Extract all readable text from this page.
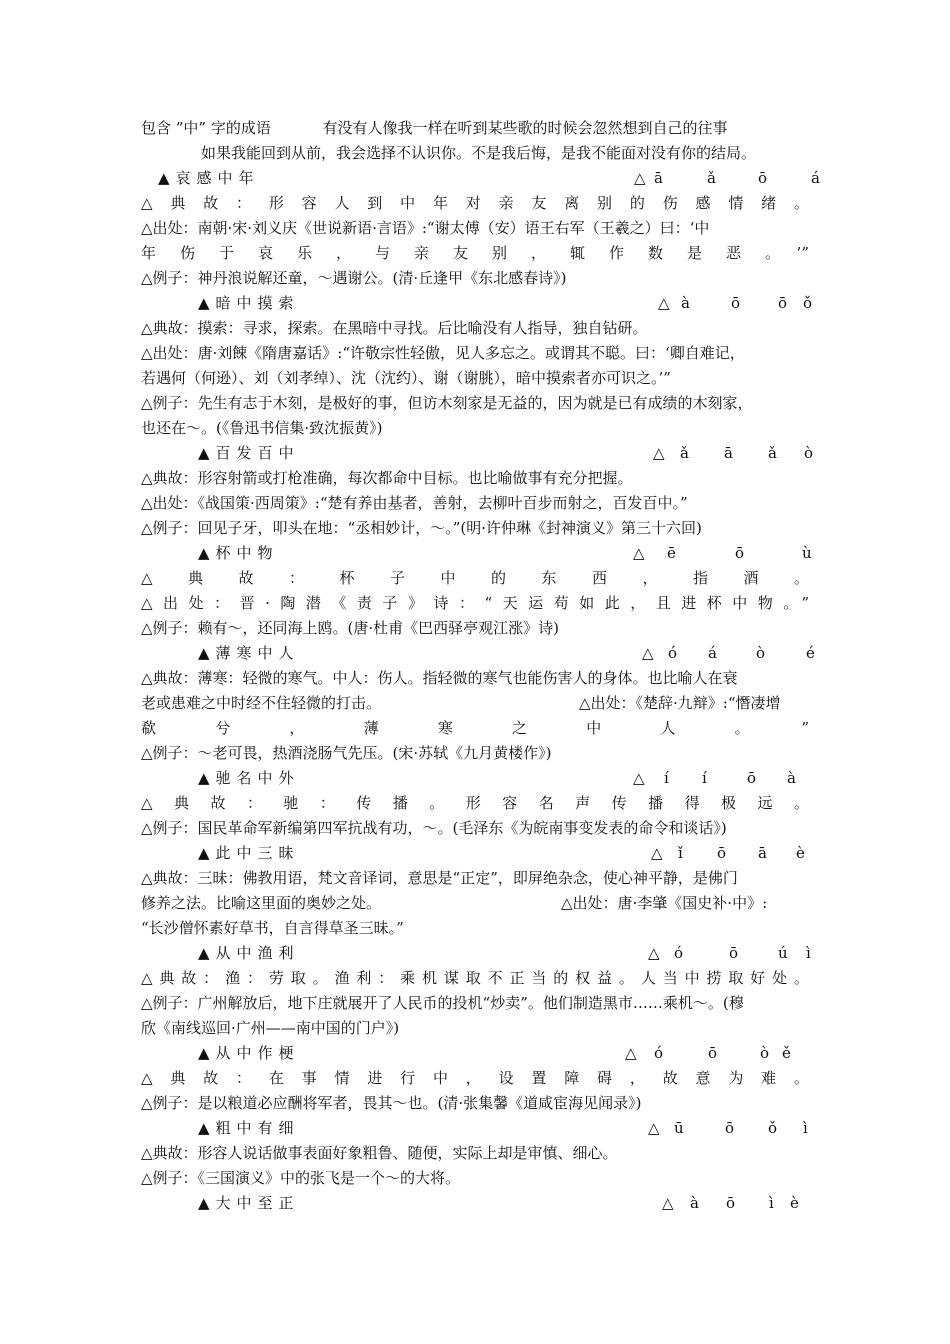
包含 ”中” 字的成语	有没有人像我一样在听到某些歌的时候会忽然想到自己的往事
如果我能回到从前，我会选择不认识你。不是我后悔，是我不能面对没有你的结局。
▲哀感中年	△ ā	ǎ	ō	á
△典故：形容人到中年对亲友离别的伤感情绪。
△出处：南朝·宋·刘义庆《世说新语·言语》:“谢太傅（安）语王右军（王羲之）曰：‘中
年伤于哀乐，与亲友别，辄作数是恶。’”
△例子：神丹浪说解还童，～遇谢公。(清·丘逢甲《东北感春诗》)
▲暗中摸索	△ à	ō	ō ǒ
△典故：摸索：寻求，探索。在黑暗中寻找。后比喻没有人指导，独自钻研。
△出处：唐·刘餗《隋唐嘉话》:“许敬宗性轻傲，见人多忘之。或谓其不聪。曰：‘卿自难记，
若遇何（何逊）、刘（刘孝绰）、沈（沈约）、谢（谢朓），暗中摸索者亦可识之。’”
△例子：先生有志于木刻，是极好的事，但访木刻家是无益的，因为就是已有成绩的木刻家，
也还在～。(《鲁迅书信集·致沈振黄》)
▲百发百中	△ ǎ ā ǎ ò
△典故：形容射箭或打枪准确，每次都命中目标。也比喻做事有充分把握。
△出处：《战国策·西周策》:“楚有养由基者，善射，去柳叶百步而射之，百发百中。”
△例子：回见子牙，叩头在地：“丞相妙计，～。”(明·许仲琳《封神演义》第三十六回)
▲杯中物	△ ē	ō	ù
△典故：杯子中的东西，指酒。
△出处：晋·陶潜《责子》诗：“天运苟如此，且进杯中物。”
△例子：赖有～，还同海上鸥。(唐·杜甫《巴西驿亭观江涨》诗)
▲薄寒中人	△ ó á	ò	é
△典故：薄寒：轻微的寒气。中人：伤人。指轻微的寒气也能伤害人的身体。也比喻人在衰
老或患难之中时经不住轻微的打击。	△出处：《楚辞·九辩》:“憯凄增
欷兮，薄寒之中人。”
△例子：～老可畏，热酒浇肠气先压。(宋·苏轼《九月黄楼作》)
▲驰名中外	△ í í	ō à
△典故：驰：传播。形容名声传播得极远。
△例子：国民革命军新编第四军抗战有功，～。(毛泽东《为皖南事变发表的命令和谈话》)
▲此中三昧	△ ǐ ō ā è
△典故：三昧：佛教用语，梵文音译词，意思是“正定”，即屏绝杂念，使心神平静，是佛门
修养之法。比喻这里面的奥妙之处。	△出处：唐·李肇《国史补·中》:
“长沙僧怀素好草书，自言得草圣三昧。”
▲从中渔利	△ ó	ō	ú ì
△典故：渔：劳取。渔利：乘机谋取不正当的权益。人当中捞取好处。
△例子：广州解放后，地下庄就展开了人民币的投机“炒卖”。他们制造黑市……乘机～。(穆
欣《南线巡回·广州——南中国的门户》)
▲从中作梗	△ ó	ō	ò ě
△典故：在事情进行中，设置障碍，故意为难。
△例子：是以粮道必应酬将军者，畏其～也。(清·张集馨《道咸宦海见闻录》)
▲粗中有细	△ ū	ō ǒ ì
△典故：形容人说话做事表面好象粗鲁、随便，实际上却是审慎、细心。
△例子：《三国演义》中的张飞是一个～的大将。
▲大中至正	△ à ō ì è
